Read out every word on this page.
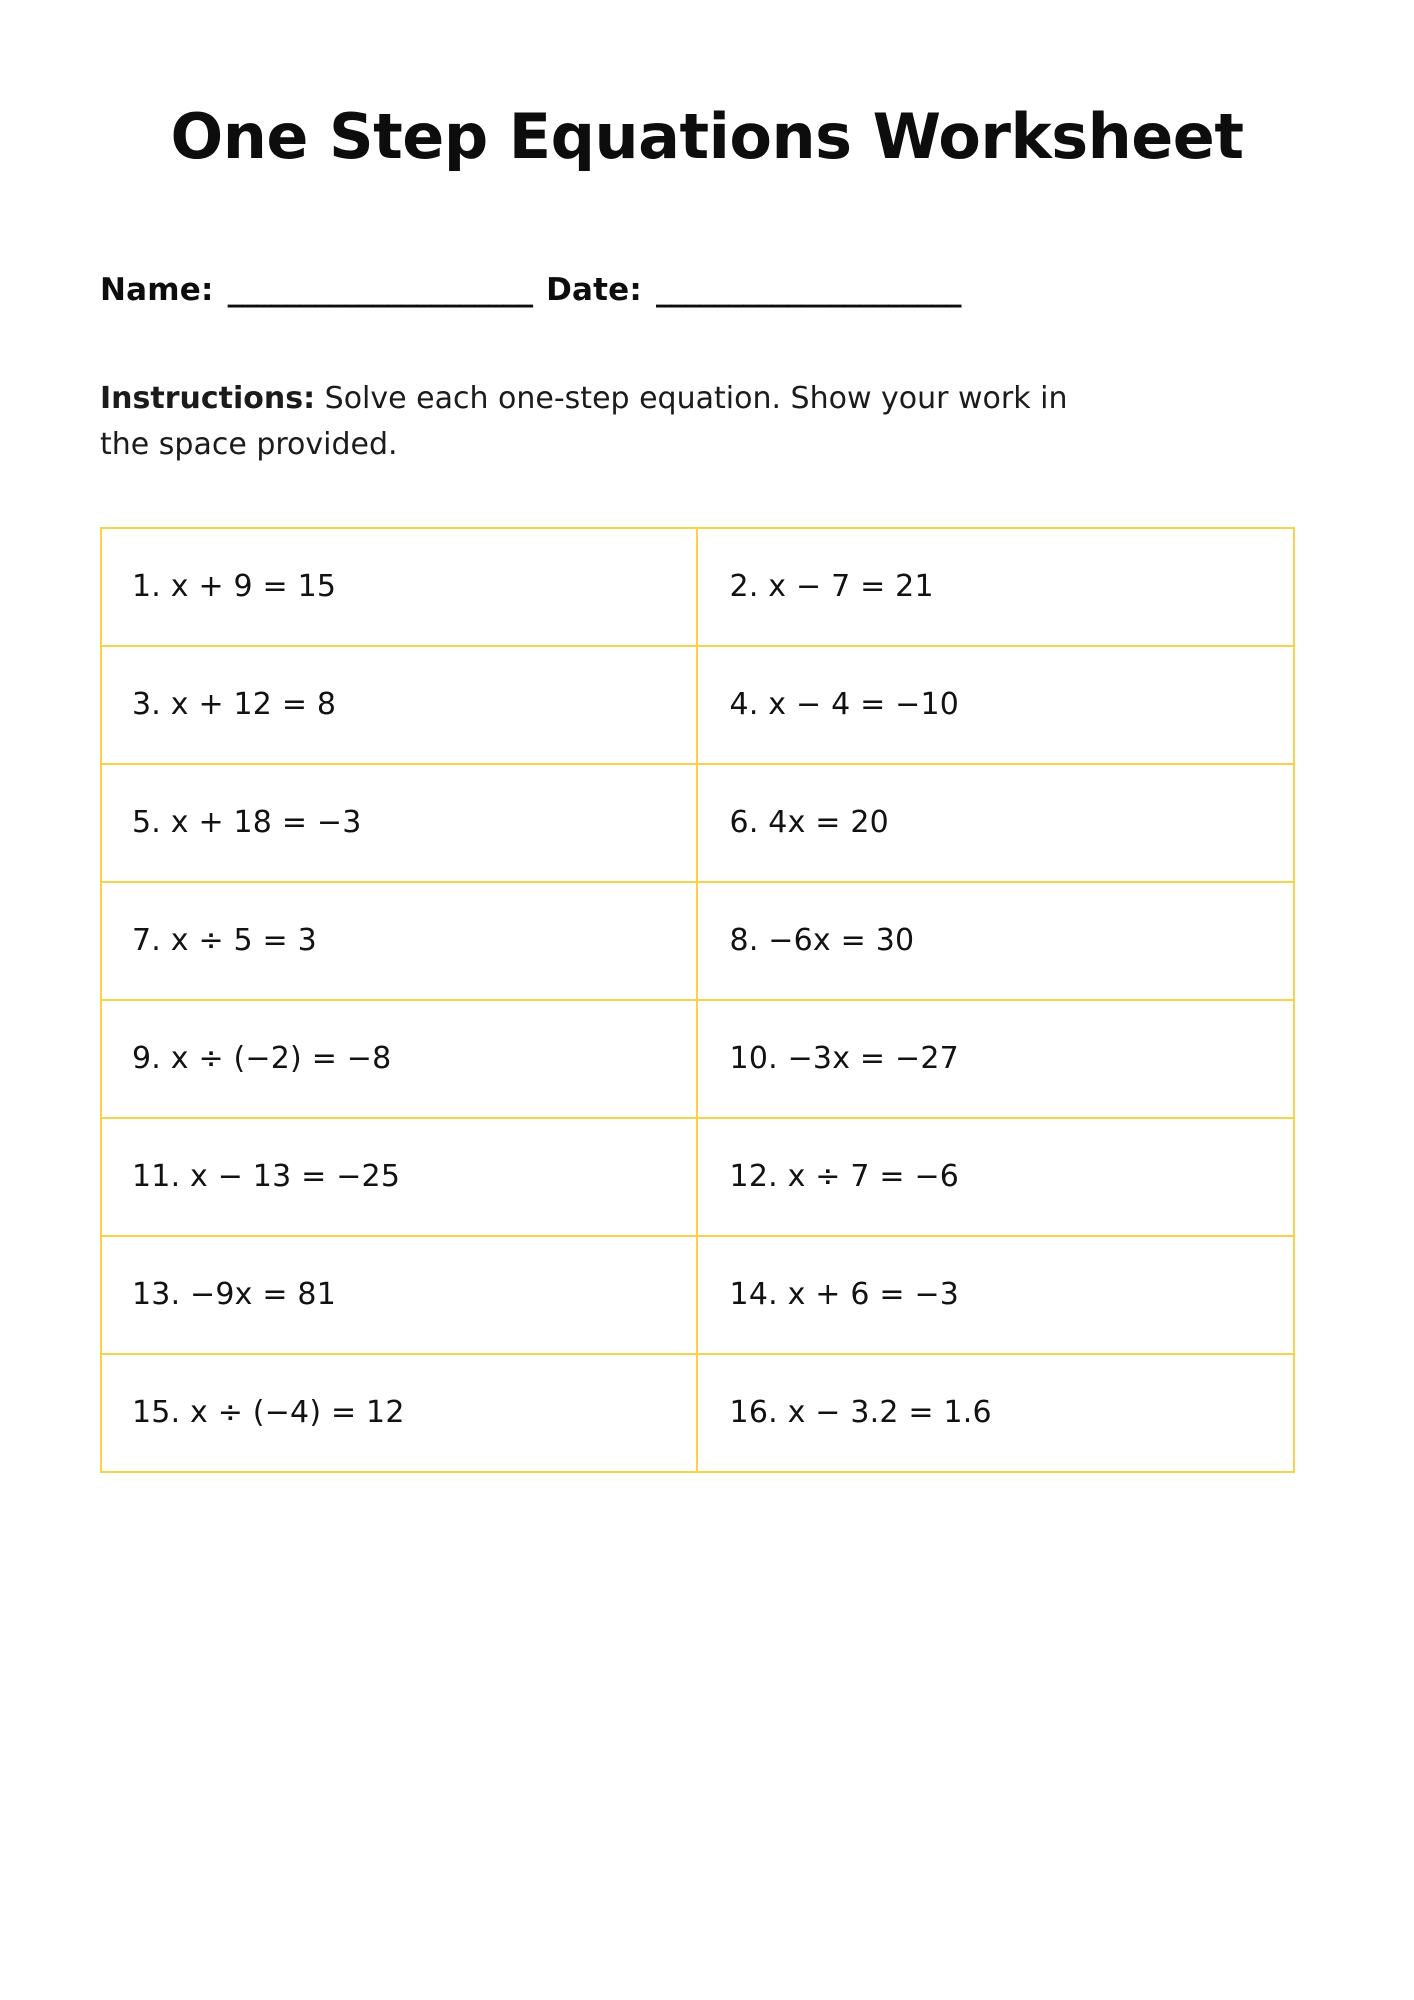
One Step Equations Worksheet
Name: _____________________ Date: _____________________
Instructions: Solve each one-step equation. Show your work in the space provided.
1. x + 9 = 15	2. x − 7 = 21
3. x + 12 = 8	4. x − 4 = −10
5. x + 18 = −3	6. 4x = 20
7. x ÷ 5 = 3	8. −6x = 30
9. x ÷ (−2) = −8	10. −3x = −27
11. x − 13 = −25	12. x ÷ 7 = −6
13. −9x = 81	14. x + 6 = −3
15. x ÷ (−4) = 12	16. x − 3.2 = 1.6
